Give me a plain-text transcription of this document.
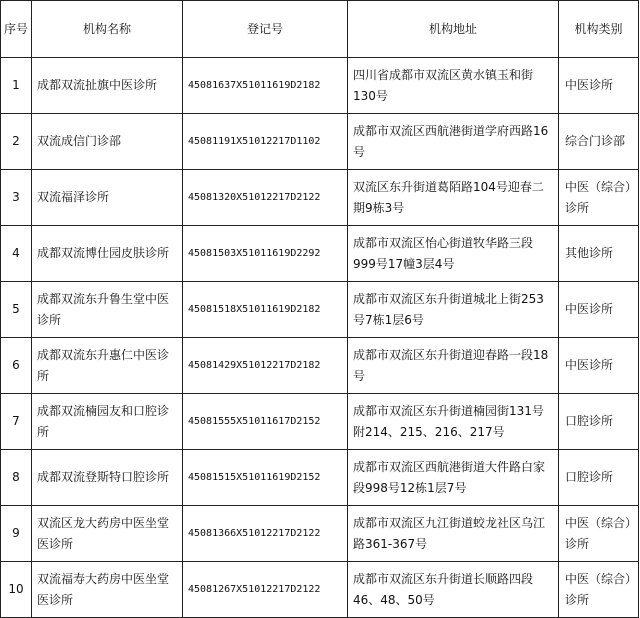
序号	机构名称	登记号	机构地址	机构类别
1	成都双流扯旗中医诊所	45081637X51011619D2182	四川省成都市双流区黄水镇玉和街130号	中医诊所
2	双流成信门诊部	45081191X51012217D1102	成都市双流区西航港街道学府西路16号	综合门诊部
3	双流福泽诊所	45081320X51012217D2122	双流区东升街道葛陌路104号迎春二期9栋3号	中医（综合）诊所
4	成都双流博仕园皮肤诊所	45081503X51011619D2292	成都市双流区怡心街道牧华路三段999号17幢3层4号	其他诊所
5	成都双流东升鲁生堂中医诊所	45081518X51011619D2182	成都市双流区东升街道城北上街253号7栋1层6号	中医诊所
6	成都双流东升惠仁中医诊所	45081429X51012217D2182	成都市双流区东升街道迎春路一段18号	中医诊所
7	成都双流楠园友和口腔诊所	45081555X51011617D2152	成都市双流区东升街道楠园街131号附214、215、216、217号	口腔诊所
8	成都双流登斯特口腔诊所	45081515X51011619D2152	成都市双流区西航港街道大件路白家段998号12栋1层7号	口腔诊所
9	双流区龙大药房中医坐堂医诊所	45081366X51012217D2122	成都市双流区九江街道蛟龙社区乌江路361-367号	中医（综合）诊所
10	双流福寿大药房中医坐堂医诊所	45081267X51012217D2122	成都市双流区东升街道长顺路四段46、48、50号	中医（综合）诊所
